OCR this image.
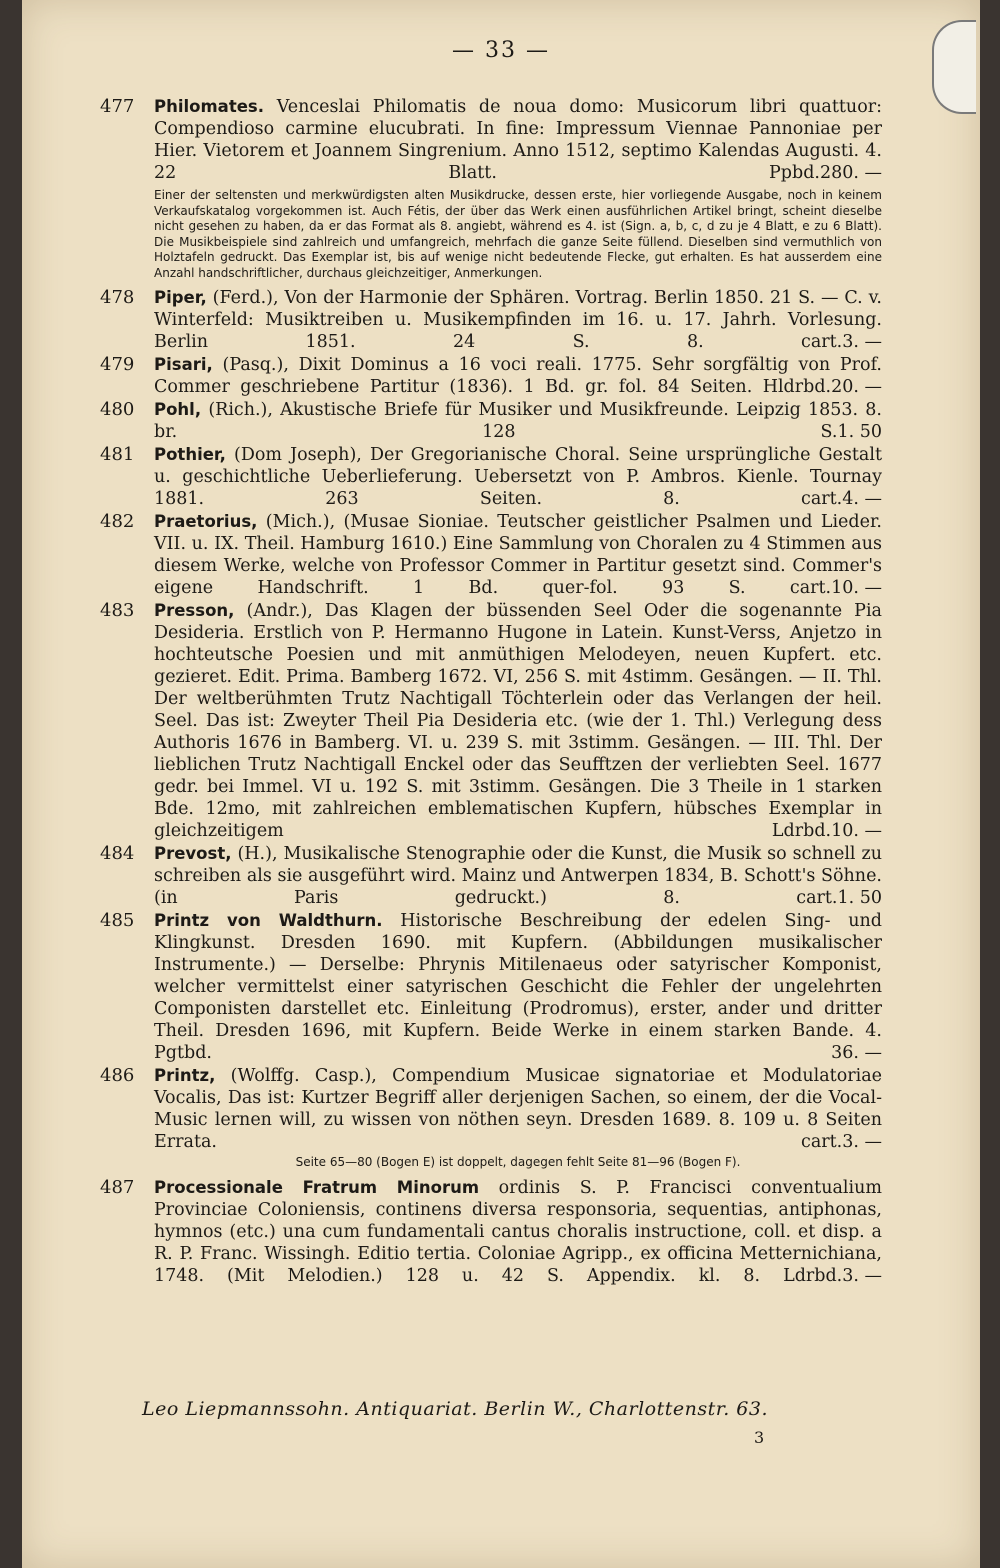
— 33 —
477	Philomates. Venceslai Philomatis de noua domo: Musicorum libri quattuor: Compendioso carmine elucubrati. In fine: Impressum Viennae Pannoniae per Hier. Vietorem et Joannem Singrenium. Anno 1512, septimo Kalendas Augusti. 4. 22 Blatt. Ppbd. 280. —
Einer der seltensten und merkwürdigsten alten Musikdrucke, dessen erste, hier vorliegende Ausgabe, noch in keinem Verkaufskatalog vorgekommen ist. Auch Fétis, der über das Werk einen ausführlichen Artikel bringt, scheint dieselbe nicht gesehen zu haben, da er das Format als 8. angiebt, während es 4. ist (Sign. a, b, c, d zu je 4 Blatt, e zu 6 Blatt). Die Musikbeispiele sind zahlreich und umfangreich, mehrfach die ganze Seite füllend. Dieselben sind vermuthlich von Holztafeln gedruckt. Das Exemplar ist, bis auf wenige nicht bedeutende Flecke, gut erhalten. Es hat ausserdem eine Anzahl handschriftlicher, durchaus gleichzeitiger, Anmerkungen.
478	Piper, (Ferd.), Von der Harmonie der Sphären. Vortrag. Berlin 1850. 21 S. — C. v. Winterfeld: Musiktreiben u. Musikempfinden im 16. u. 17. Jahrh. Vorlesung. Berlin 1851. 24 S. 8. cart. 3. —
479	Pisari, (Pasq.), Dixit Dominus a 16 voci reali. 1775. Sehr sorgfältig von Prof. Commer geschriebene Partitur (1836). 1 Bd. gr. fol. 84 Seiten. Hldrbd. 20. —
480	Pohl, (Rich.), Akustische Briefe für Musiker und Musikfreunde. Leipzig 1853. 8. br. 128 S. 1. 50
481	Pothier, (Dom Joseph), Der Gregorianische Choral. Seine ursprüngliche Gestalt u. geschichtliche Ueberlieferung. Uebersetzt von P. Ambros. Kienle. Tournay 1881. 263 Seiten. 8. cart. 4. —
482	Praetorius, (Mich.), (Musae Sioniae. Teutscher geistlicher Psalmen und Lieder. VII. u. IX. Theil. Hamburg 1610.) Eine Sammlung von Choralen zu 4 Stimmen aus diesem Werke, welche von Professor Commer in Partitur gesetzt sind. Commer's eigene Handschrift. 1 Bd. quer-fol. 93 S. cart. 10. —
483	Presson, (Andr.), Das Klagen der büssenden Seel Oder die sogenannte Pia Desideria. Erstlich von P. Hermanno Hugone in Latein. Kunst-Verss, Anjetzo in hochteutsche Poesien und mit anmüthigen Melodeyen, neuen Kupfert. etc. gezieret. Edit. Prima. Bamberg 1672. VI, 256 S. mit 4stimm. Gesängen. — II. Thl. Der weltberühmten Trutz Nachtigall Töchterlein oder das Verlangen der heil. Seel. Das ist: Zweyter Theil Pia Desideria etc. (wie der 1. Thl.) Verlegung dess Authoris 1676 in Bamberg. VI. u. 239 S. mit 3stimm. Gesängen. — III. Thl. Der lieblichen Trutz Nachtigall Enckel oder das Seufftzen der verliebten Seel. 1677 gedr. bei Immel. VI u. 192 S. mit 3stimm. Gesängen. Die 3 Theile in 1 starken Bde. 12mo, mit zahlreichen emblematischen Kupfern, hübsches Exemplar in gleichzeitigem Ldrbd. 10. —
484	Prevost, (H.), Musikalische Stenographie oder die Kunst, die Musik so schnell zu schreiben als sie ausgeführt wird. Mainz und Antwerpen 1834, B. Schott's Söhne. (in Paris gedruckt.) 8. cart. 1. 50
485	Printz von Waldthurn. Historische Beschreibung der edelen Sing- und Klingkunst. Dresden 1690. mit Kupfern. (Abbildungen musikalischer Instrumente.) — Derselbe: Phrynis Mitilenaeus oder satyrischer Komponist, welcher vermittelst einer satyrischen Geschicht die Fehler der ungelehrten Componisten darstellet etc. Einleitung (Prodromus), erster, ander und dritter Theil. Dresden 1696, mit Kupfern. Beide Werke in einem starken Bande. 4. Pgtbd.	36. —
486	Printz, (Wolffg. Casp.), Compendium Musicae signatoriae et Modulatoriae Vocalis, Das ist: Kurtzer Begriff aller derjenigen Sachen, so einem, der die Vocal-Music lernen will, zu wissen von nöthen seyn. Dresden 1689. 8. 109 u. 8 Seiten Errata. cart. 3. —
Seite 65—80 (Bogen E) ist doppelt, dagegen fehlt Seite 81—96 (Bogen F).
487	Processionale Fratrum Minorum ordinis S. P. Francisci conventualium Provinciae Coloniensis, continens diversa responsoria, sequentias, antiphonas, hymnos (etc.) una cum fundamentali cantus choralis instructione, coll. et disp. a R. P. Franc. Wissingh. Editio tertia. Coloniae Agripp., ex officina Metternichiana, 1748. (Mit Melodien.) 128 u. 42 S. Appendix. kl. 8. Ldrbd. 3. —
Leo Liepmannssohn. Antiquariat. Berlin W., Charlottenstr. 63.
3
